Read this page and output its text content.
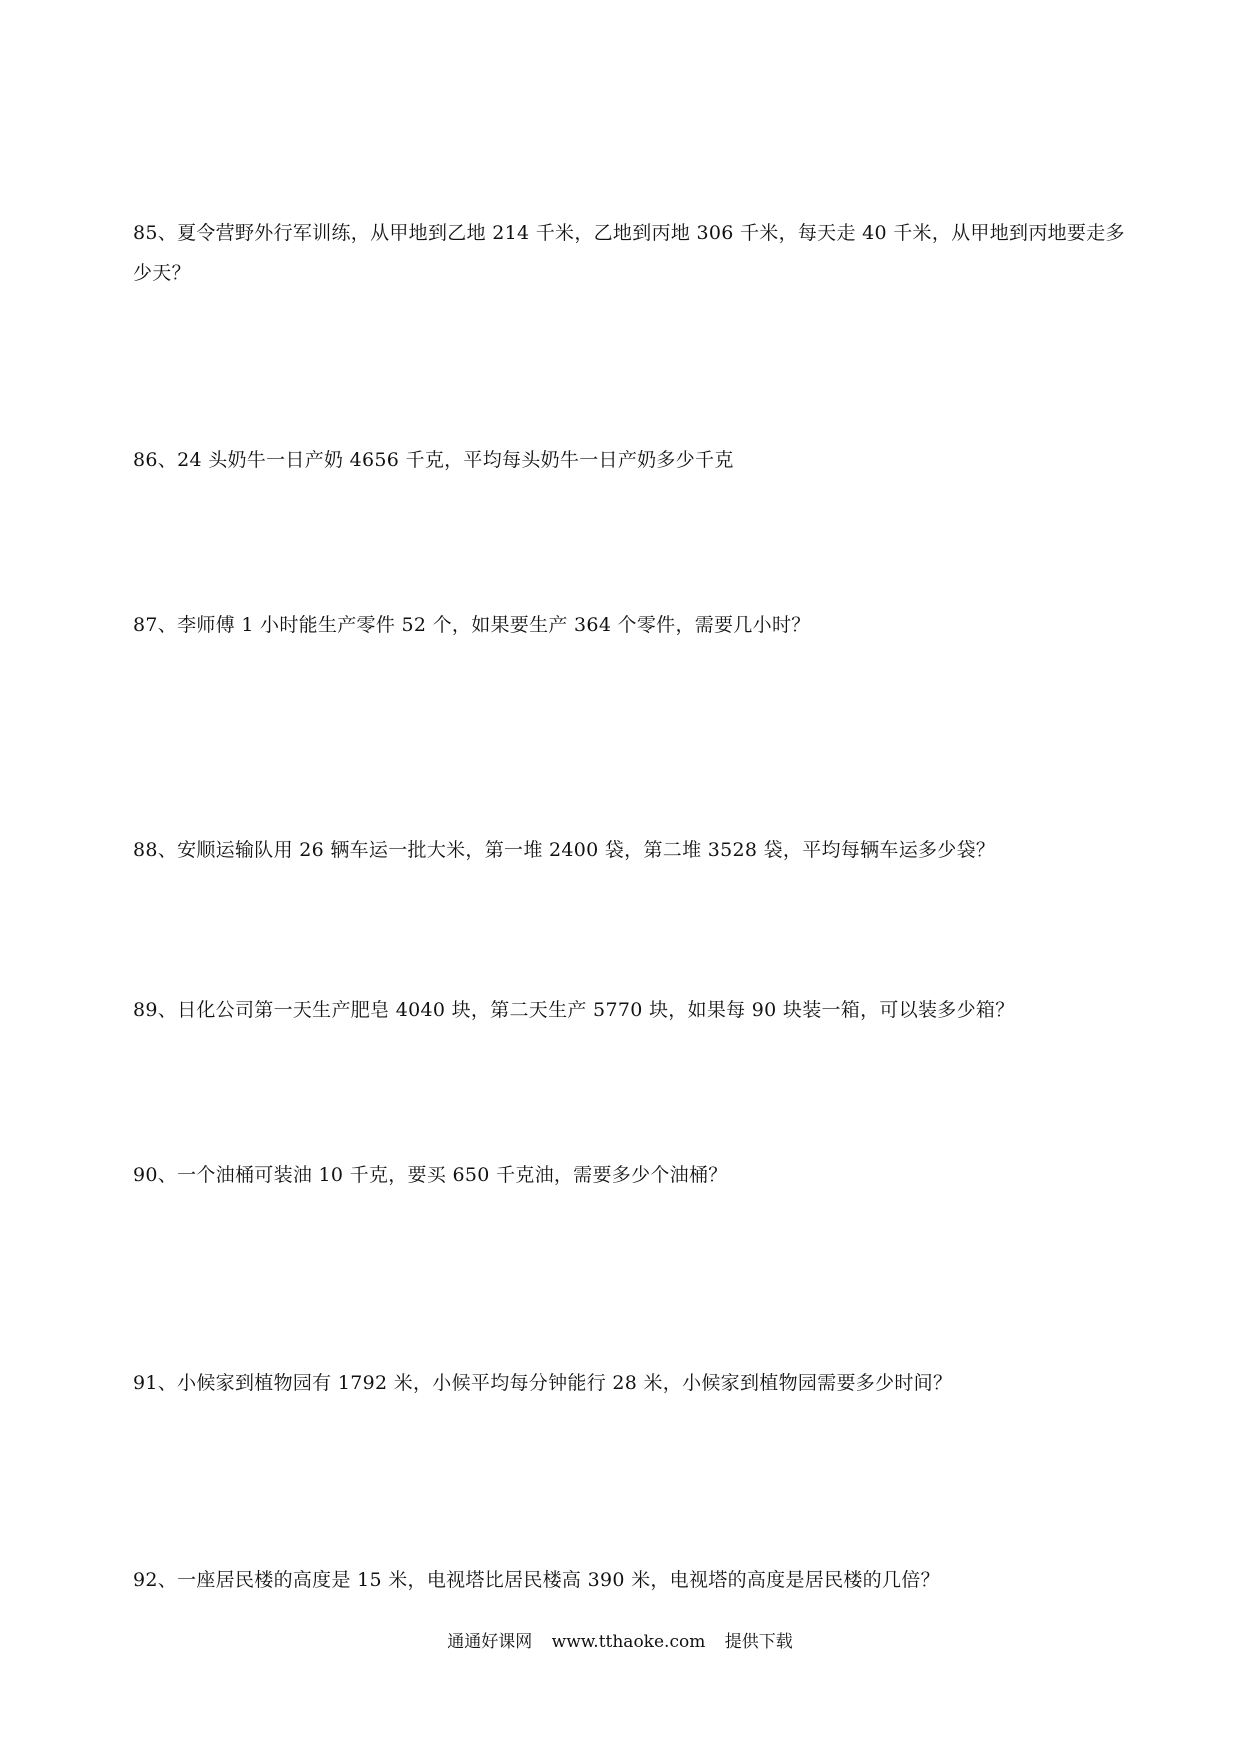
85、夏令营野外行军训练，从甲地到乙地 214 千米，乙地到丙地 306 千米，每天走 40 千米，从甲地到丙地要走多少天？

86、24 头奶牛一日产奶 4656 千克，平均每头奶牛一日产奶多少千克

87、李师傅 1 小时能生产零件 52 个，如果要生产 364 个零件，需要几小时？

88、安顺运输队用 26 辆车运一批大米，第一堆 2400 袋，第二堆 3528 袋，平均每辆车运多少袋？

89、日化公司第一天生产肥皂 4040 块，第二天生产 5770 块，如果每 90 块装一箱，可以装多少箱？

90、一个油桶可装油 10 千克，要买 650 千克油，需要多少个油桶？

91、小候家到植物园有 1792 米，小候平均每分钟能行 28 米，小候家到植物园需要多少时间？

92、一座居民楼的高度是 15 米，电视塔比居民楼高 390 米，电视塔的高度是居民楼的几倍？

通通好课网 www.tthaoke.com 提供下载
